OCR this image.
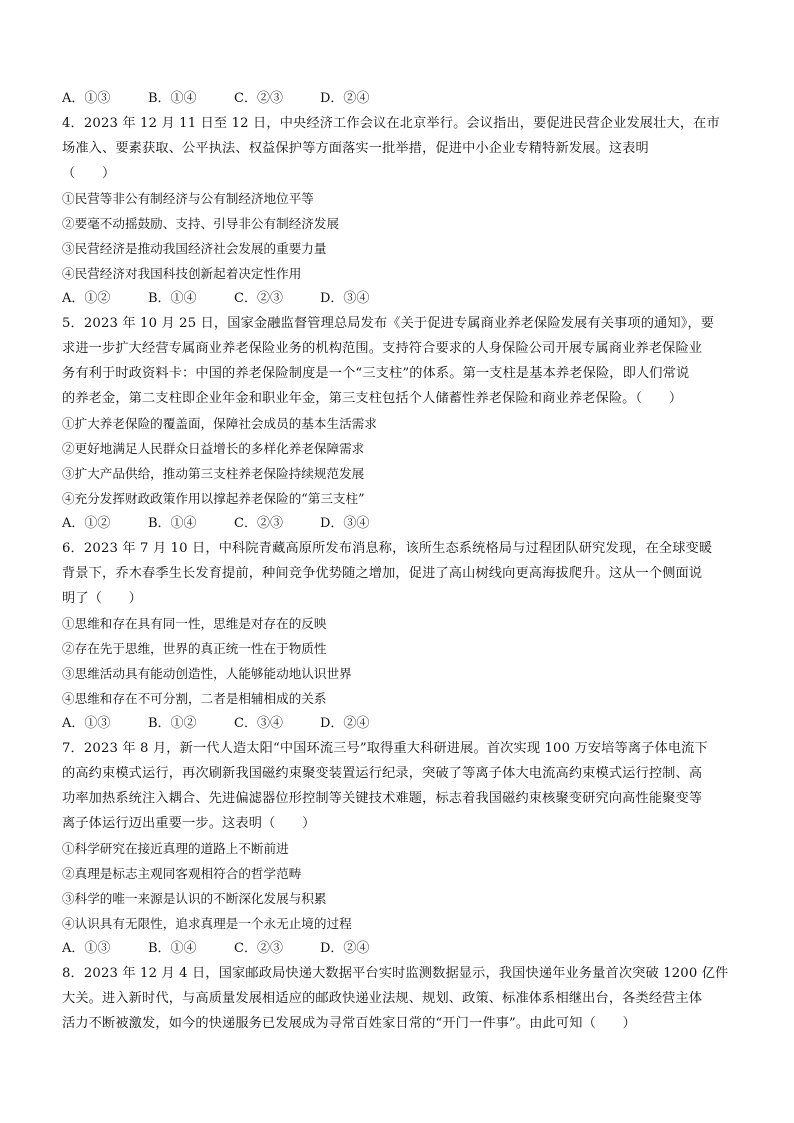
A．①③	B．①④	C．②③	D．②④
4．2023 年 12 月 11 日至 12 日，中央经济工作会议在北京举行。会议指出，要促进民营企业发展壮大，在市
场准入、要素获取、公平执法、权益保护等方面落实一批举措，促进中小企业专精特新发展。这表明
（　　）
①民营等非公有制经济与公有制经济地位平等
②要毫不动摇鼓励、支持、引导非公有制经济发展
③民营经济是推动我国经济社会发展的重要力量
④民营经济对我国科技创新起着决定性作用
A．①②	B．①④	C．②③	D．③④
5．2023 年 10 月 25 日，国家金融监督管理总局发布《关于促进专属商业养老保险发展有关事项的通知》，要
求进一步扩大经营专属商业养老保险业务的机构范围。支持符合要求的人身保险公司开展专属商业养老保险业
务有利于时政资料卡：中国的养老保险制度是一个“三支柱”的体系。第一支柱是基本养老保险，即人们常说
的养老金，第二支柱即企业年金和职业年金，第三支柱包括个人储蓄性养老保险和商业养老保险。（　　）
①扩大养老保险的覆盖面，保障社会成员的基本生活需求
②更好地满足人民群众日益增长的多样化养老保障需求
③扩大产品供给，推动第三支柱养老保险持续规范发展
④充分发挥财政政策作用以撑起养老保险的“第三支柱”
A．①②	B．①④	C．②③	D．③④
6．2023 年 7 月 10 日，中科院青藏高原所发布消息称，该所生态系统格局与过程团队研究发现，在全球变暖
背景下，乔木春季生长发育提前，种间竞争优势随之增加，促进了高山树线向更高海拔爬升。这从一个侧面说
明了（　　）
①思维和存在具有同一性，思维是对存在的反映
②存在先于思维，世界的真正统一性在于物质性
③思维活动具有能动创造性，人能够能动地认识世界
④思维和存在不可分割，二者是相辅相成的关系
A．①③	B．①②	C．③④	D．②④
7．2023 年 8 月，新一代人造太阳“中国环流三号”取得重大科研进展。首次实现 100 万安培等离子体电流下
的高约束模式运行，再次刷新我国磁约束聚变装置运行纪录，突破了等离子体大电流高约束模式运行控制、高
功率加热系统注入耦合、先进偏滤器位形控制等关键技术难题，标志着我国磁约束核聚变研究向高性能聚变等
离子体运行迈出重要一步。这表明（　　）
①科学研究在接近真理的道路上不断前进
②真理是标志主观同客观相符合的哲学范畴
③科学的唯一来源是认识的不断深化发展与积累
④认识具有无限性，追求真理是一个永无止境的过程
A．①③	B．①④	C．②③	D．②④
8．2023 年 12 月 4 日，国家邮政局快递大数据平台实时监测数据显示，我国快递年业务量首次突破 1200 亿件
大关。进入新时代，与高质量发展相适应的邮政快递业法规、规划、政策、标准体系相继出台，各类经营主体
活力不断被激发，如今的快递服务已发展成为寻常百姓家日常的“开门一件事”。由此可知（　　）
